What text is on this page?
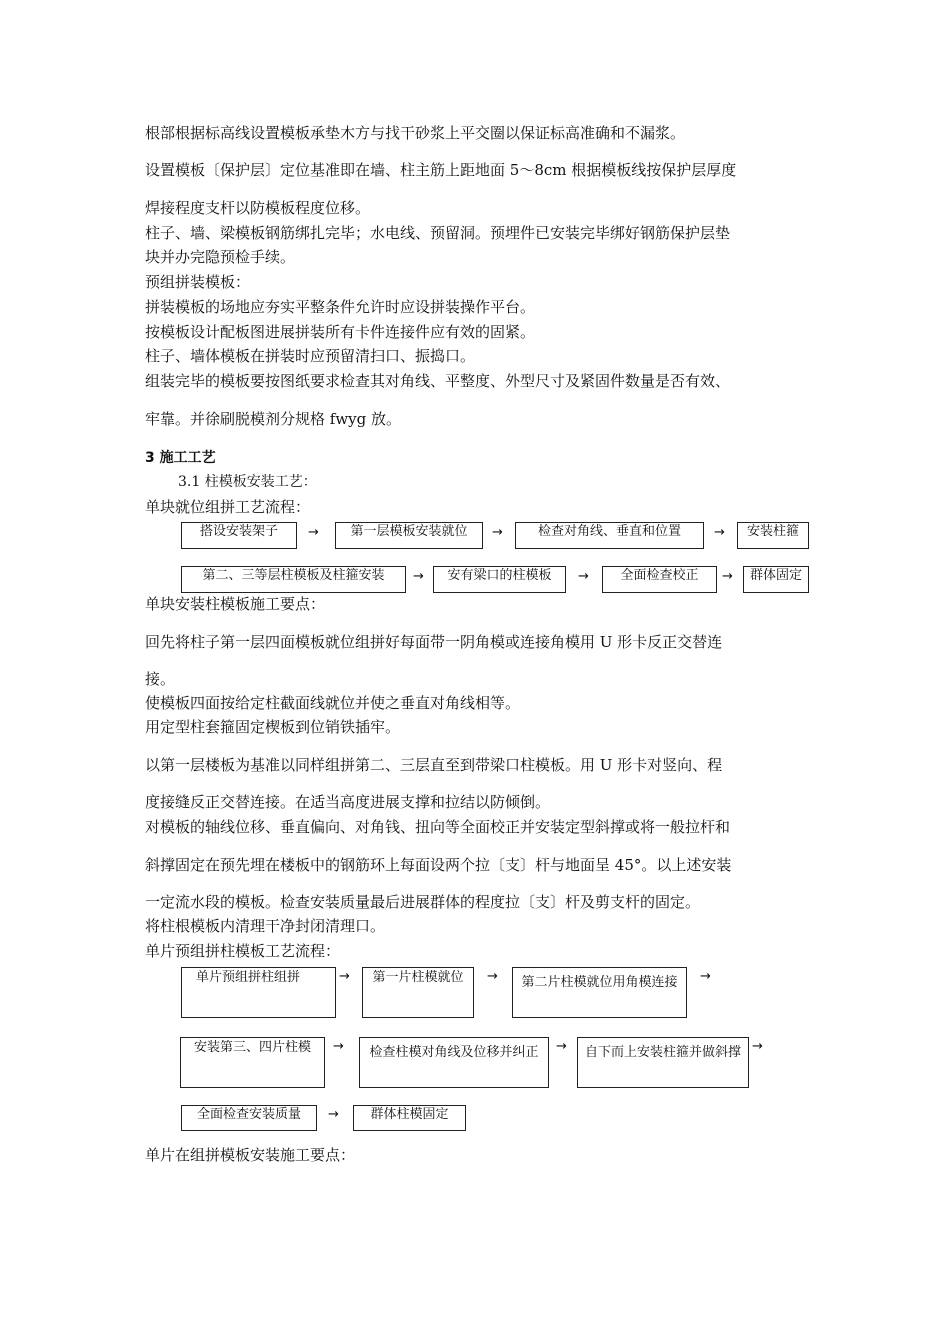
根部根据标高线设置模板承垫木方与找干砂浆上平交圈以保证标高准确和不漏浆。
设置模板〔保护层〕定位基准即在墙、柱主筋上距地面 5～8cm 根据模板线按保护层厚度
焊接程度支杆以防模板程度位移。
柱子、墙、梁模板钢筋绑扎完毕；水电线、预留洞。预埋件已安装完毕绑好钢筋保护层垫
块并办完隐预检手续。
预组拼装模板：
拼装模板的场地应夯实平整条件允许时应设拼装操作平台。
按模板设计配板图进展拼装所有卡件连接件应有效的固紧。
柱子、墙体模板在拼装时应预留清扫口、振捣口。
组装完毕的模板要按图纸要求检查其对角线、平整度、外型尺寸及紧固件数量是否有效、
牢靠。并徐刷脱模剂分规格 fwyg 放。
3 施工工艺
3.1 柱模板安装工艺：
单块就位组拼工艺流程：
搭设安装架子	→	第一层模板安装就位	→	检查对角线、垂直和位置	→	安装柱箍
第二、三等层柱模板及柱箍安装	→	安有梁口的柱模板	→	全面检查校正	→	群体固定
单块安装柱模板施工要点：
回先将柱子第一层四面模板就位组拼好每面带一阴角模或连接角模用 U 形卡反正交替连
接。
使模板四面按给定柱截面线就位并使之垂直对角线相等。
用定型柱套箍固定楔板到位销铁插牢。
以第一层楼板为基准以同样组拼第二、三层直至到带梁口柱模板。用 U 形卡对竖向、程
度接缝反正交替连接。在适当高度进展支撑和拉结以防倾倒。
对模板的轴线位移、垂直偏向、对角钱、扭向等全面校正并安装定型斜撑或将一般拉杆和
斜撑固定在预先埋在楼板中的钢筋环上每面设两个拉〔支〕杆与地面呈 45°。以上述安装
一定流水段的模板。检查安装质量最后进展群体的程度拉〔支〕杆及剪支杆的固定。
将柱根模板内清理干净封闭清理口。
单片预组拼柱模板工艺流程：
单片预组拼柱组拼	→	第一片柱模就位	→	第二片柱模就位用角模连接	→
安装第三、四片柱模	→	检查柱模对角线及位移并纠正	→	自下而上安装柱箍并做斜撑 →
全面检查安装质量	→	群体柱模固定
单片在组拼模板安装施工要点：
